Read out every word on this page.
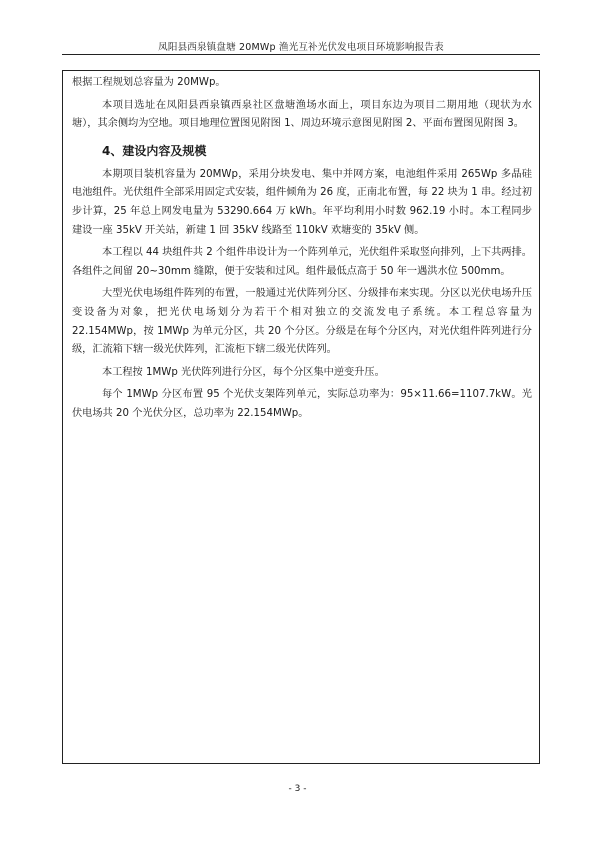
凤阳县西泉镇盘塘 20MWp 渔光互补光伏发电项目环境影响报告表

根据工程规划总容量为 20MWp。

本项目选址在凤阳县西泉镇西泉社区盘塘渔场水面上，项目东边为项目二期用地（现状为水塘），其余侧均为空地。项目地理位置图见附图 1、周边环境示意图见附图 2、平面布置图见附图 3。

4、建设内容及规模

本期项目装机容量为 20MWp，采用分块发电、集中并网方案，电池组件采用 265Wp 多晶硅电池组件。光伏组件全部采用固定式安装，组件倾角为 26 度，正南北布置，每 22 块为 1 串。经过初步计算，25 年总上网发电量为 53290.664 万 kWh。年平均利用小时数 962.19 小时。本工程同步建设一座 35kV 开关站，新建 1 回 35kV 线路至 110kV 欢塘变的 35kV 侧。

本工程以 44 块组件共 2 个组件串设计为一个阵列单元，光伏组件采取竖向排列，上下共两排。各组件之间留 20~30mm 缝隙，便于安装和过风。组件最低点高于 50 年一遇洪水位 500mm。

大型光伏电场组件阵列的布置，一般通过光伏阵列分区、分级排布来实现。分区以光伏电场升压变设备为对象，把光伏电场划分为若干个相对独立的交流发电子系统。本工程总容量为 22.154MWp，按 1MWp 为单元分区，共 20 个分区。分级是在每个分区内，对光伏组件阵列进行分级，汇流箱下辖一级光伏阵列，汇流柜下辖二级光伏阵列。

本工程按 1MWp 光伏阵列进行分区，每个分区集中逆变升压。

每个 1MWp 分区布置 95 个光伏支架阵列单元，实际总功率为：95×11.66=1107.7kW。光伏电场共 20 个光伏分区，总功率为 22.154MWp。

- 3 -
